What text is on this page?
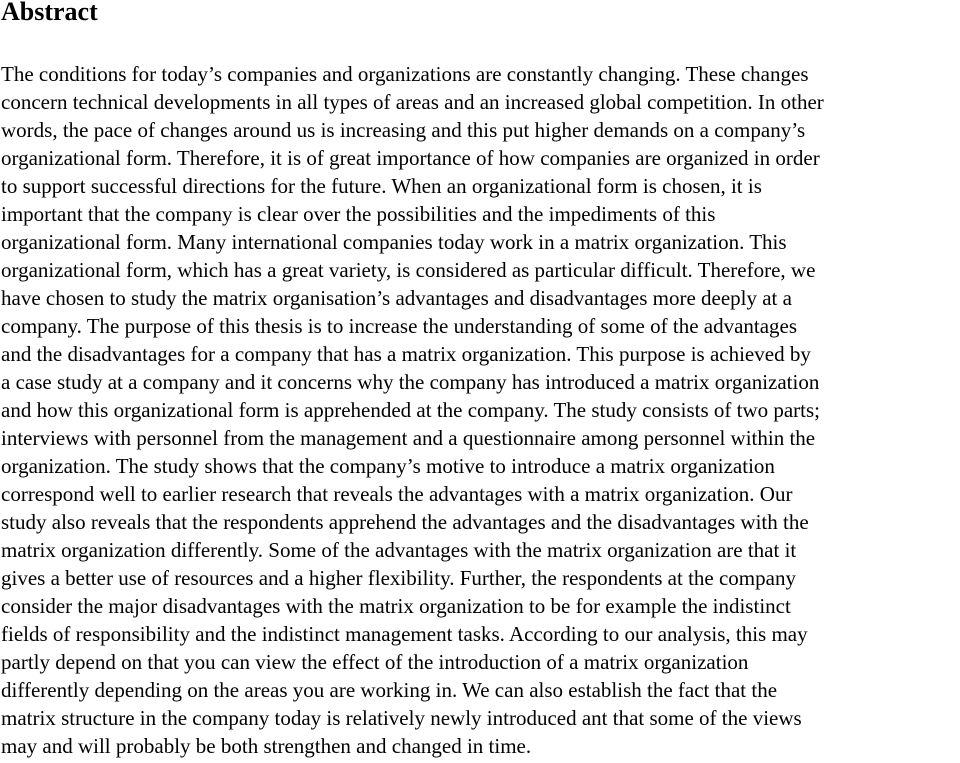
Abstract
The conditions for today’s companies and organizations are constantly changing. These changes
concern technical developments in all types of areas and an increased global competition. In other
words, the pace of changes around us is increasing and this put higher demands on a company’s
organizational form. Therefore, it is of great importance of how companies are organized in order
to support successful directions for the future. When an organizational form is chosen, it is
important that the company is clear over the possibilities and the impediments of this
organizational form. Many international companies today work in a matrix organization. This
organizational form, which has a great variety, is considered as particular difficult. Therefore, we
have chosen to study the matrix organisation’s advantages and disadvantages more deeply at a
company. The purpose of this thesis is to increase the understanding of some of the advantages
and the disadvantages for a company that has a matrix organization. This purpose is achieved by
a case study at a company and it concerns why the company has introduced a matrix organization
and how this organizational form is apprehended at the company. The study consists of two parts;
interviews with personnel from the management and a questionnaire among personnel within the
organization. The study shows that the company’s motive to introduce a matrix organization
correspond well to earlier research that reveals the advantages with a matrix organization. Our
study also reveals that the respondents apprehend the advantages and the disadvantages with the
matrix organization differently. Some of the advantages with the matrix organization are that it
gives a better use of resources and a higher flexibility. Further, the respondents at the company
consider the major disadvantages with the matrix organization to be for example the indistinct
fields of responsibility and the indistinct management tasks. According to our analysis, this may
partly depend on that you can view the effect of the introduction of a matrix organization
differently depending on the areas you are working in. We can also establish the fact that the
matrix structure in the company today is relatively newly introduced ant that some of the views
may and will probably be both strengthen and changed in time.
